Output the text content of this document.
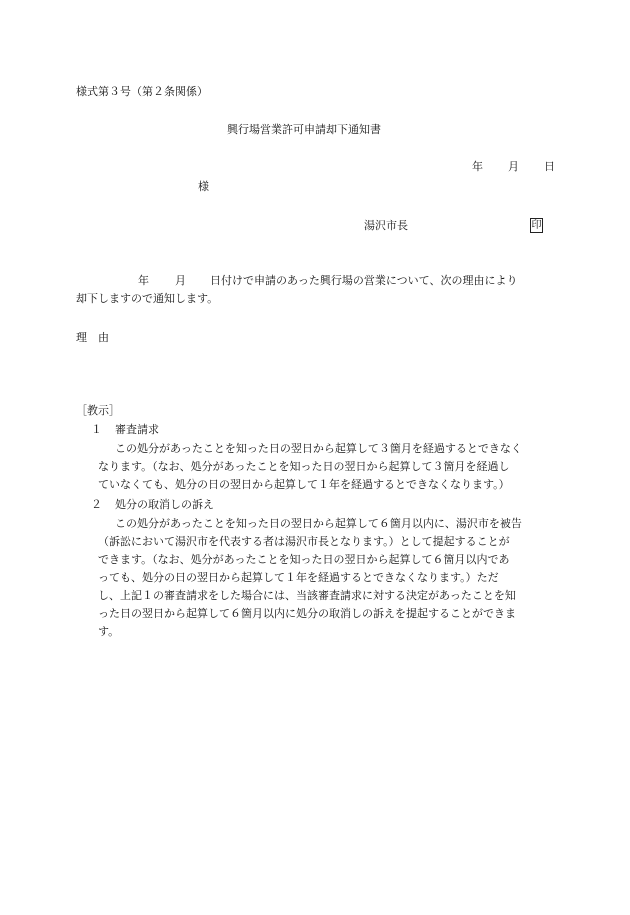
様式第３号（第２条関係）
興行場営業許可申請却下通知書
年 月 日
様
湯沢市長	印
年 月 日付けで申請のあった興行場の営業について、次の理由により
却下しますので通知します。
理　由
［教示］
１ 審査請求
この処分があったことを知った日の翌日から起算して３箇月を経過するとできなく
なります。（なお、処分があったことを知った日の翌日から起算して３箇月を経過し
ていなくても、処分の日の翌日から起算して１年を経過するとできなくなります。）
２ 処分の取消しの訴え
この処分があったことを知った日の翌日から起算して６箇月以内に、湯沢市を被告
（訴訟において湯沢市を代表する者は湯沢市長となります。）として提起することが
できます。（なお、処分があったことを知った日の翌日から起算して６箇月以内であ
っても、処分の日の翌日から起算して１年を経過するとできなくなります。）ただ
し、上記１の審査請求をした場合には、当該審査請求に対する決定があったことを知
った日の翌日から起算して６箇月以内に処分の取消しの訴えを提起することができま
す。
